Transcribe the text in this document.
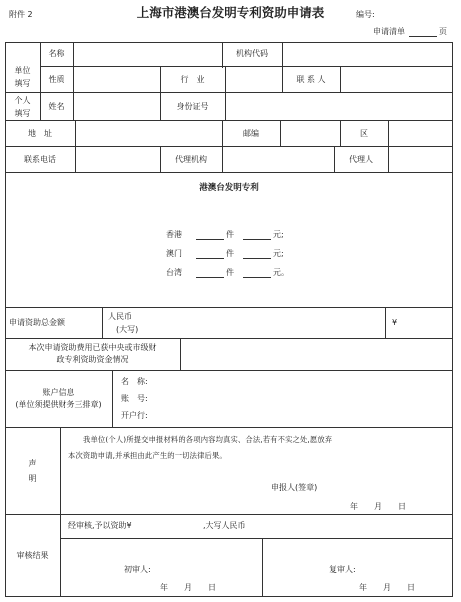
附件 2	上海市港澳台发明专利资助申请表	编号:
申请清单	页
单位
填写
名称	机构代码
性质	行　业	联 系 人
个人
填写
姓名	身份证号
地　址	邮编	区
联系电话	代理机构	代理人
港澳台发明专利
香港	件	元;
澳门	件	元;
台湾	件	元。
申请资助总金额
人民币
(大写)
¥
本次申请资助费用已获中央或市级财
政专利资助资金情况
账户信息
(单位须提供财务三排章)
名　称:
账　号:
开户行:
声
明
我单位(个人)所提交申报材料的各项内容均真实、合法,若有不实之处,愿放弃
本次资助申请,并承担由此产生的一切法律后果。
申报人(签章)
年　　月　　日
审核结果
经审核,予以资助¥	,大写人民币
初审人:
年　　月　　日
复审人:
年　　月　　日
